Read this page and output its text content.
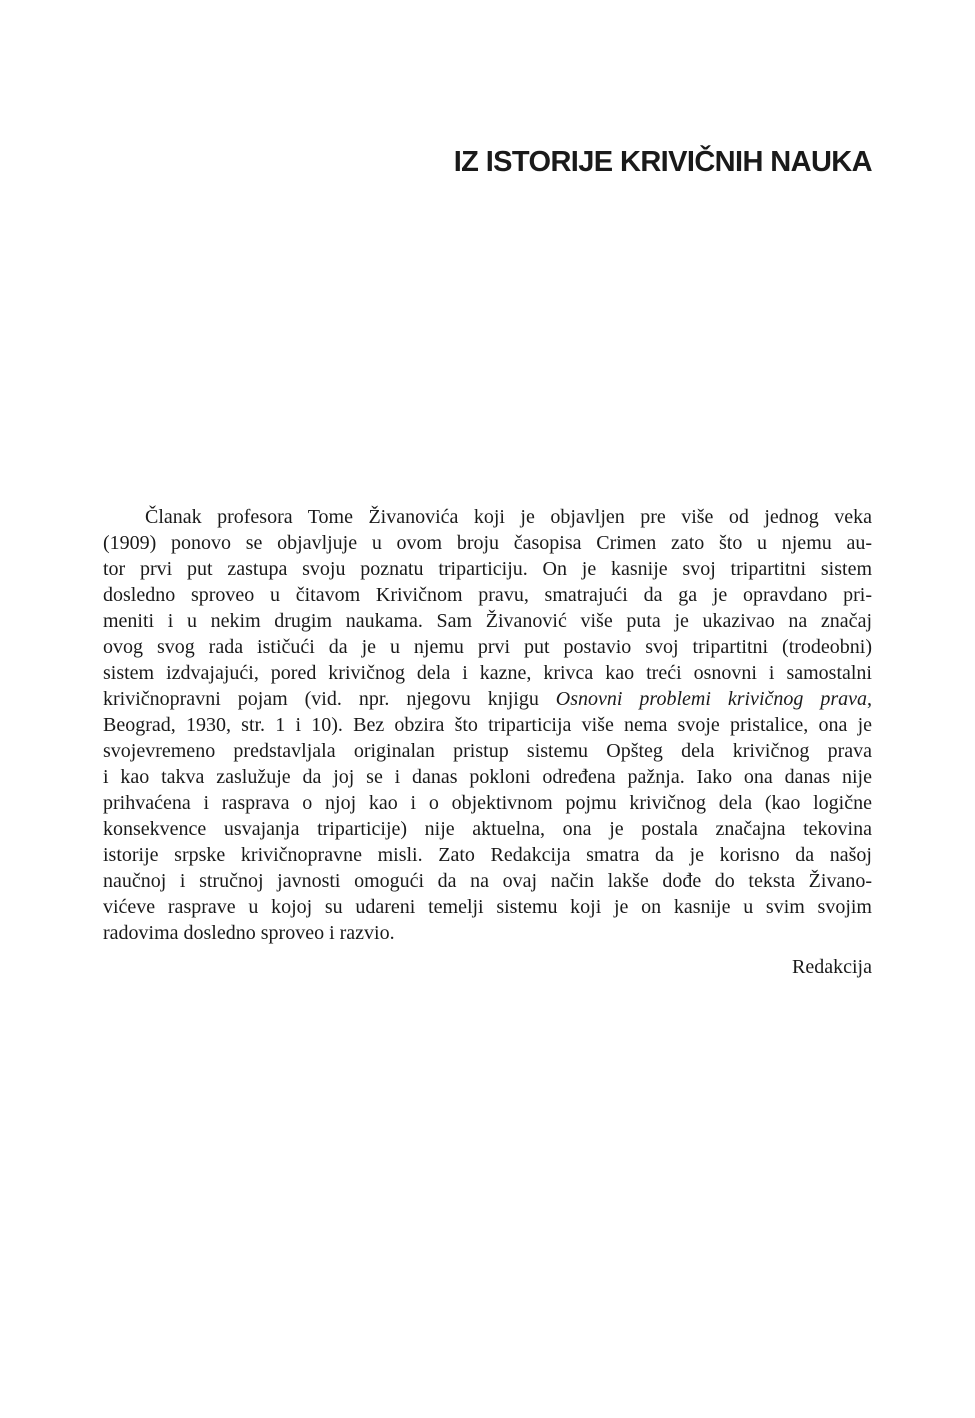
IZ ISTORIJE KRIVIČNIH NAUKA
Članak profesora Tome Živanovića koji je objavljen pre više od jednog veka
(1909) ponovo se objavljuje u ovom broju časopisa Crimen zato što u njemu au-
tor prvi put zastupa svoju poznatu triparticiju. On je kasnije svoj tripartitni sistem
dosledno sproveo u čitavom Krivičnom pravu, smatrajući da ga je opravdano pri-
meniti i u nekim drugim naukama. Sam Živanović više puta je ukazivao na značaj
ovog svog rada ističući da je u njemu prvi put postavio svoj tripartitni (trodeobni)
sistem izdvajajući, pored krivičnog dela i kazne, krivca kao treći osnovni i samostalni
krivičnopravni pojam (vid. npr. njegovu knjigu Osnovni problemi krivičnog prava,
Beograd, 1930, str. 1 i 10). Bez obzira što triparticija više nema svoje pristalice, ona je
svojevremeno predstavljala originalan pristup sistemu Opšteg dela krivičnog prava
i kao takva zaslužuje da joj se i danas pokloni određena pažnja. Iako ona danas nije
prihvaćena i rasprava o njoj kao i o objektivnom pojmu krivičnog dela (kao logične
konsekvence usvajanja triparticije) nije aktuelna, ona je postala značajna tekovina
istorije srpske krivičnopravne misli. Zato Redakcija smatra da je korisno da našoj
naučnoj i stručnoj javnosti omogući da na ovaj način lakše dođe do teksta Živano-
vićeve rasprave u kojoj su udareni temelji sistemu koji je on kasnije u svim svojim
radovima dosledno sproveo i razvio.

Redakcija
